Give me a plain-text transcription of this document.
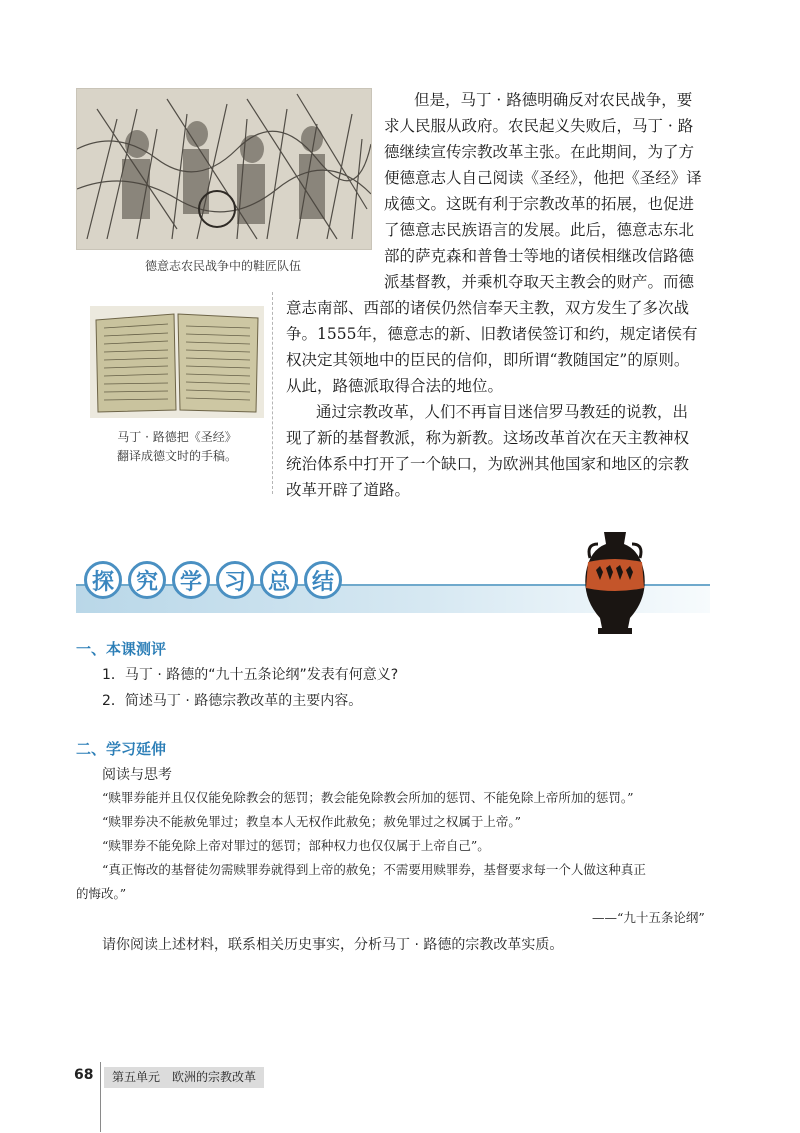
德意志农民战争中的鞋匠队伍
马丁 · 路德把《圣经》
翻译成德文时的手稿。
但是，马丁 · 路德明确反对农民战争，要
求人民服从政府。农民起义失败后，马丁 · 路
德继续宣传宗教改革主张。在此期间，为了方
便德意志人自己阅读《圣经》，他把《圣经》译
成德文。这既有利于宗教改革的拓展，也促进
了德意志民族语言的发展。此后，德意志东北
部的萨克森和普鲁士等地的诸侯相继改信路德
派基督教，并乘机夺取天主教会的财产。而德
意志南部、西部的诸侯仍然信奉天主教，双方发生了多次战
争。1555年，德意志的新、旧教诸侯签订和约，规定诸侯有
权决定其领地中的臣民的信仰，即所谓“教随国定”的原则。
从此，路德派取得合法的地位。
通过宗教改革，人们不再盲目迷信罗马教廷的说教，出
现了新的基督教派，称为新教。这场改革首次在天主教神权
统治体系中打开了一个缺口，为欧洲其他国家和地区的宗教
改革开辟了道路。
探 究 学 习 总 结
一、本课测评
1．马丁 · 路德的“九十五条论纲”发表有何意义?
2．简述马丁 · 路德宗教改革的主要内容。
二、学习延伸
阅读与思考
“赎罪券能并且仅仅能免除教会的惩罚；教会能免除教会所加的惩罚、不能免除上帝所加的惩罚。”
“赎罪券决不能赦免罪过；教皇本人无权作此赦免；赦免罪过之权属于上帝。”
“赎罪券不能免除上帝对罪过的惩罚；部种权力也仅仅属于上帝自己”。
“真正悔改的基督徒勿需赎罪券就得到上帝的赦免；不需要用赎罪券，基督要求每一个人做这种真正
的悔改。”
——“九十五条论纲”
请你阅读上述材料，联系相关历史事实，分析马丁 · 路德的宗教改革实质。
68	第五单元　欧洲的宗教改革
